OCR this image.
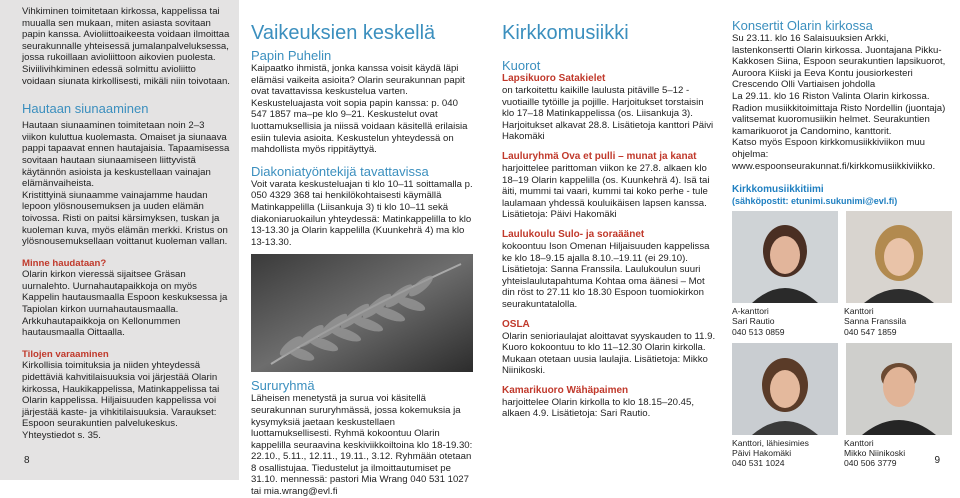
Vihkiminen toimitetaan kirkossa, kappelissa tai muualla sen mukaan, miten asiasta sovitaan papin kanssa. Avioliittoaikeesta voidaan ilmoittaa seurakunnalle yhteisessä jumalanpalveluksessa, jossa rukoillaan avioliittoon aikovien puolesta.

Siviilivihkiminen edessä solmittu avioliitto voidaan siunata kirkollisesti, mikäli niin toivotaan.

Hautaan siunaaminen

Hautaan siunaaminen toimitetaan noin 2–3 viikon kuluttua kuolemasta. Omaiset ja siunaava pappi tapaavat ennen hautajaisia. Tapaamisessa sovitaan hautaan siunaamiseen liittyvistä käytännön asioista ja keskustellaan vainajan elämänvaiheista.

Kristittyinä siunaamme vainajamme haudan lepoon ylösnousemuksen ja uuden elämän toivossa. Risti on paitsi kärsimyksen, tuskan ja kuoleman kuva, myös elämän merkki. Kristus on ylösnousemuksellaan voittanut kuoleman vallan.

Minne haudataan?

Olarin kirkon vieressä sijaitsee Gräsan uurnalehto. Uurnahautapaikkoja on myös Kappelin hautausmaalla Espoon keskuksessa ja Tapiolan kirkon uurnahautausmaalla. Arkkuhautapaikkoja on Kellonummen hautausmaalla Oittaalla.

Tilojen varaaminen

Kirkollisia toimituksia ja niiden yhteydessä pidettäviä kahvitilaisuuksia voi järjestää Olarin kirkossa, Haukikappelissa, Matinkappelissa tai Olarin kappelissa. Hiljaisuuden kappelissa voi järjestää kaste- ja vihkitilaisuuksia. Varaukset: Espoon seurakuntien palvelukeskus. Yhteystiedot s. 35.

8
Vaikeuksien keskellä
Papin Puhelin

Kaipaatko ihmistä, jonka kanssa voisit käydä läpi elämäsi vaikeita asioita? Olarin seurakunnan papit ovat tavattavissa keskustelua varten. Keskusteluajasta voit sopia papin kanssa: p. 040 547 1857 ma–pe klo 9–21. Keskustelut ovat luottamuksellisia ja niissä voidaan käsitellä erilaisia esiin tulevia asioita. Keskustelun yhteydessä on mahdollista myös rippitäyttyä.

Diakoniatyöntekijä tavattavissa

Voit varata keskusteluajan ti klo 10–11 soittamalla p. 050 4329 368 tai henkilökohtaisesti käymällä Matinkappelilla (Liisankuja 3) ti klo 10–11 sekä diakoniaruokailun yhteydessä: Matinkappelilla to klo 13-13.30 ja Olarin kappelilla (Kuunkehrä 4) ma klo 13-13.30.

Sururyhmä

Läheisen menetystä ja surua voi käsitellä seurakunnan sururyhmässä, jossa kokemuksia ja kysymyksiä jaetaan keskustellaen luottamuksellisesti. Ryhmä kokoontuu Olarin kappelilla seuraavina keskiviikkoiltoina klo 18-19.30: 22.10., 5.11., 12.11., 19.11., 3.12. Ryhmään otetaan 8 osallistujaa. Tiedustelut ja ilmoittautumiset pe 31.10. mennessä: pastori Mia Wrang 040 531 1027 tai mia.wrang@evl.fi

Kirkkomusiikki
Kuorot
Lapsikuoro Satakielet

on tarkoitettu kaikille laulusta pitäville 5–12 -vuotiaille tytöille ja pojille. Harjoitukset torstaisin klo 17–18 Matinkappelissa (os. Liisankuja 3). Harjoitukset alkavat 28.8. Lisätietoja kanttori Päivi Hakomäki

Lauluryhmä Ova et pulli – munat ja kanat

harjoittelee parittoman viikon ke 27.8. alkaen klo 18–19 Olarin kappelilla (os. Kuunkehrä 4). Isä tai äiti, mummi tai vaari, kummi tai koko perhe - tule laulamaan yhdessä kouluikäisen lapsen kanssa. Lisätietoja: Päivi Hakomäki

Laulukoulu Sulo- ja soraäänet

kokoontuu Ison Omenan Hiljaisuuden kappelissa ke klo 18–9.15 ajalla 8.10.–19.11 (ei 29.10). Lisätietoja: Sanna Franssila. Laulukoulun suuri yhteislaulutapahtuma Kohtaa oma äänesi – Mot din röst to 27.11 klo 18.30 Espoon tuomiokirkon seurakuntatalolla.

OSLA

Olarin senioriaulajat aloittavat syyskauden to 11.9. Kuoro kokoontuu to klo 11–12.30 Olarin kirkolla. Mukaan otetaan uusia laulajia. Lisätietoja: Mikko Niinikoski.

Kamarikuoro Wähäpaimen

harjoittelee Olarin kirkolla to klo 18.15–20.45, alkaen 4.9. Lisätietoja: Sari Rautio.

Konsertit Olarin kirkossa

Su 23.11. klo 16 Salaisuuksien Arkki, lastenkonsertti Olarin kirkossa. Juontajana Pikku-Kakkosen Siina, Espoon seurakuntien lapsikuorot, Auroora Kiiski ja Eeva Kontu jousiorkesteri Crescendo Olli Vartiaisen johdolla

La 29.11. klo 16 Riston Valinta Olarin kirkossa. Radion musiikkitoimittaja Risto Nordellin (juontaja) valitsemat kuoromusiikin helmet. Seurakuntien kamarikuorot ja Candomino, kanttorit.

Katso myös Espoon kirkkomusiikkiviikon muu ohjelma: www.espoonseurakunnat.fi/kirkkomusiikkiviikko.

Kirkkomusiikkitiimi
(sähköpostit: etunimi.sukunimi@evl.fi)
A-kanttori
Sari Rautio
040 513 0859
Kanttori
Sanna Franssila
040 547 1859
Kanttori, lähiesimies
Päivi Hakomäki
040 531 1024
Kanttori
Mikko Niinikoski
040 506 3779	9
